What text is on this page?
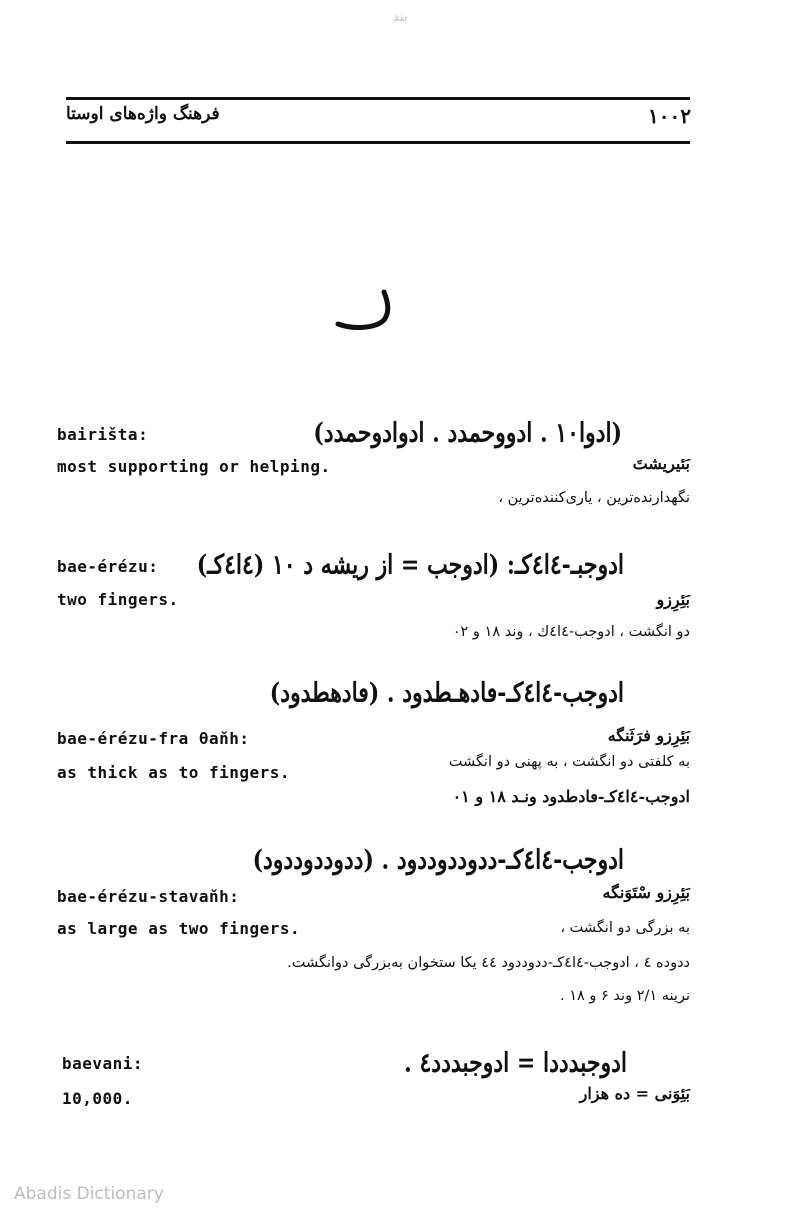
بند
۱۰۰۲
فرهنگ واژه‌های اوستا
(ادوا۱۰ . ادووحمدد . ادوادوحمدد)
bairišta:
most supporting or helping.	بَئیریشتَ
نگهدارنده‌ترین ، یاری‌کننده‌ترین ،
ادوجبـ-٤ا٤كـ: (ادوجب = از ریشه د ١٠ (٤ا٤كـ)
bae-érézu:
two fingers.	بَئِرِزو
دو انگشت ، ادوجب-٤ا٤ك ، وند ۱۸ و ۰۲
ادوجب-٤ا٤كـ-ڡادهـطدود . (ڡادهطدود)
bae-érézu-fra θaňh:
as thick as to fingers.
بَئِرِزو فرَثَنگه
به کلفتی دو انگشت ، به پهنی دو انگشت
ادوجب-٤ا٤كـ-ڡادطدود ونـد ۱۸ و ۰۱
ادوجب-٤ا٤كـ-ددوددوددود . (ددوددوددود)
bae-érézu-stavaňh:
as large as two fingers.
بَئِرِزو سْتَوَنگه
به بزرگی دو انگشت ،
ددوده ٤ ، ادوجب-٤ا٤كـ-ددوددود ٤٤ یکا ستخوان به‌بزرگی دوانگشت.
نرینه ۲/۱ وند ۶ و ۱۸ .
ادوجبدددا = ادوجبددد٤ .
baevani:
10,000.	بَئِوَنی = ده هزار
Abadis Dictionary
